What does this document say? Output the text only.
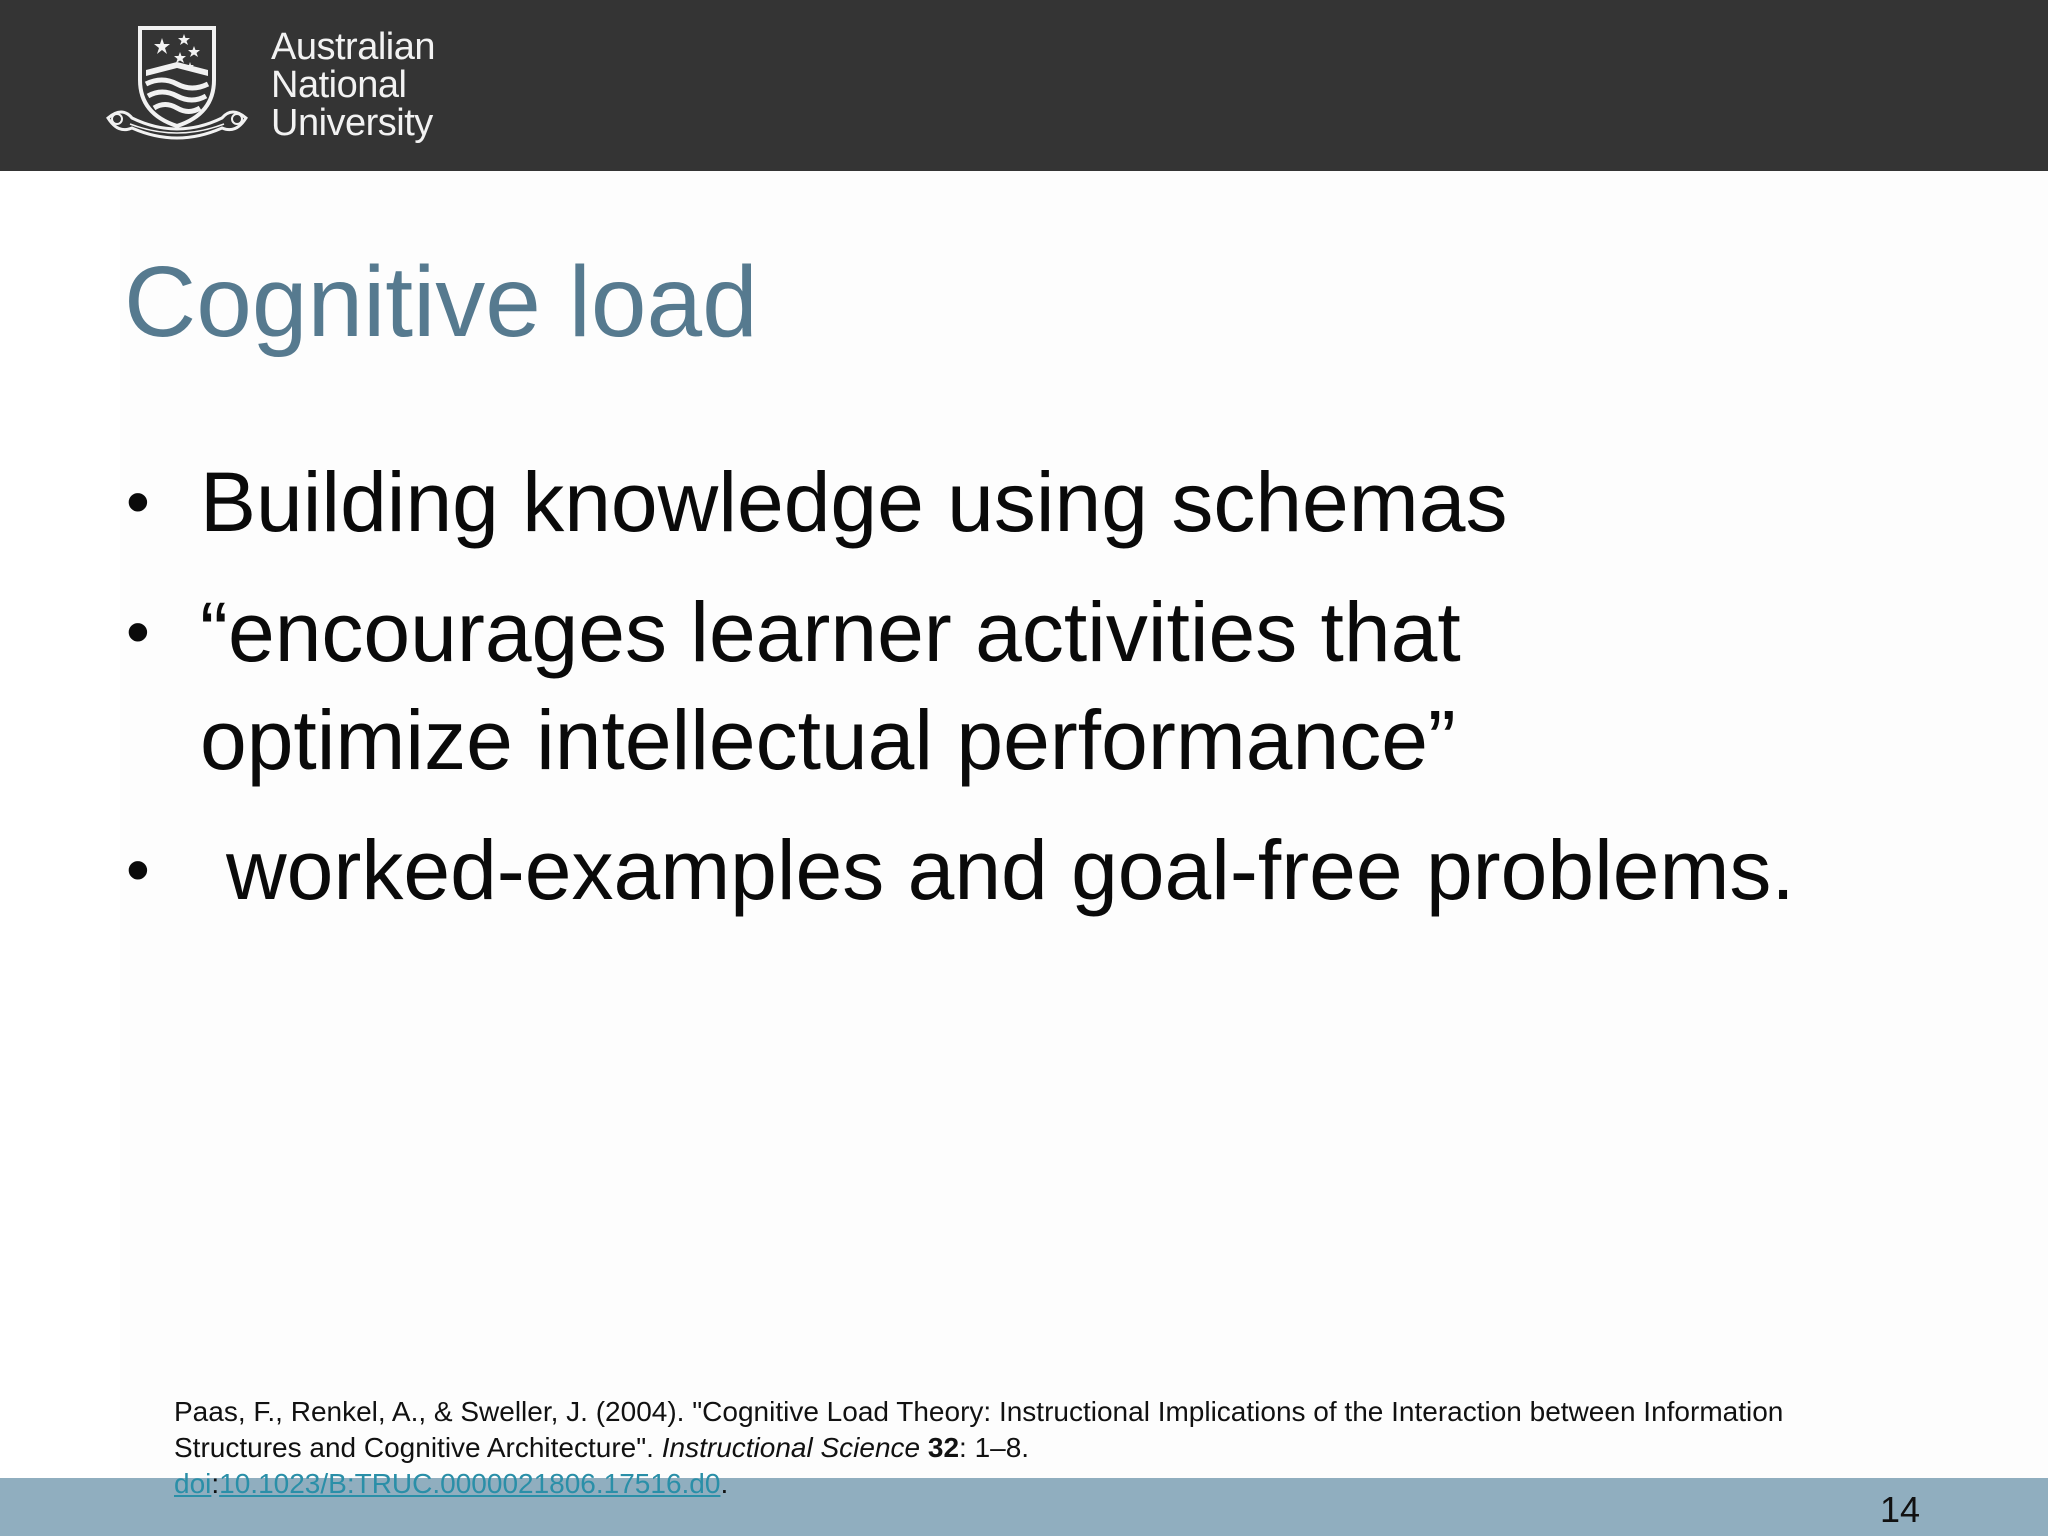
Australian
National
University
Cognitive load
• Building knowledge using schemas
• “encourages learner activities that optimize intellectual performance”
• worked-examples and goal-free problems.
Paas, F., Renkel, A., & Sweller, J. (2004). "Cognitive Load Theory: Instructional Implications of the Interaction between Information Structures and Cognitive Architecture". Instructional Science 32: 1–8.
doi:10.1023/B:TRUC.0000021806.17516.d0.
14
